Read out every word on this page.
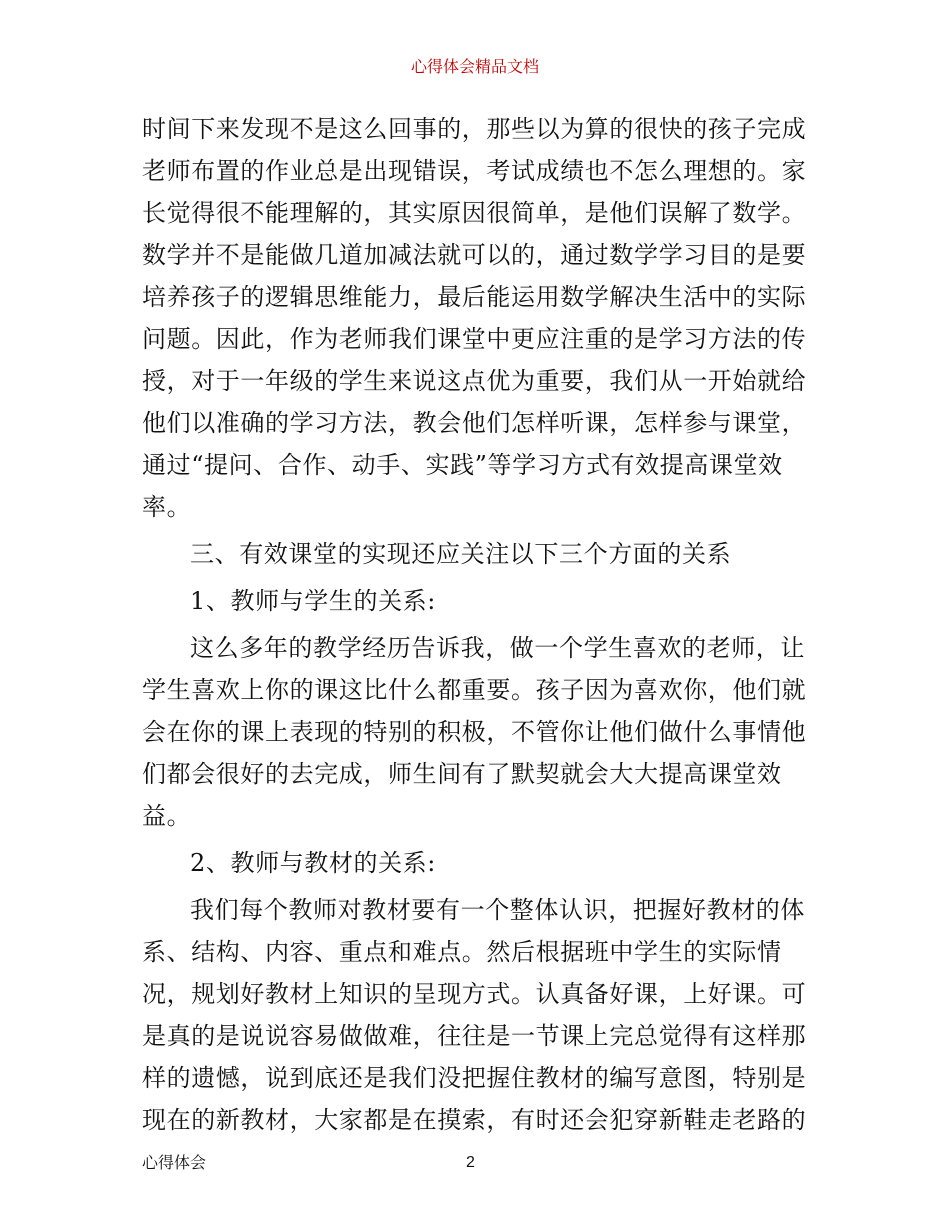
心得体会精品文档
时间下来发现不是这么回事的，那些以为算的很快的孩子完成
老师布置的作业总是出现错误，考试成绩也不怎么理想的。家
长觉得很不能理解的，其实原因很简单，是他们误解了数学。
数学并不是能做几道加减法就可以的，通过数学学习目的是要
培养孩子的逻辑思维能力，最后能运用数学解决生活中的实际
问题。因此，作为老师我们课堂中更应注重的是学习方法的传
授，对于一年级的学生来说这点优为重要，我们从一开始就给
他们以准确的学习方法，教会他们怎样听课，怎样参与课堂，
通过“提问、合作、动手、实践”等学习方式有效提高课堂效
率。
三、有效课堂的实现还应关注以下三个方面的关系
1、教师与学生的关系:
这么多年的教学经历告诉我，做一个学生喜欢的老师，让
学生喜欢上你的课这比什么都重要。孩子因为喜欢你，他们就
会在你的课上表现的特别的积极，不管你让他们做什么事情他
们都会很好的去完成，师生间有了默契就会大大提高课堂效
益。
2、教师与教材的关系:
我们每个教师对教材要有一个整体认识，把握好教材的体
系、结构、内容、重点和难点。然后根据班中学生的实际情
况，规划好教材上知识的呈现方式。认真备好课，上好课。可
是真的是说说容易做做难，往往是一节课上完总觉得有这样那
样的遗憾，说到底还是我们没把握住教材的编写意图，特别是
现在的新教材，大家都是在摸索，有时还会犯穿新鞋走老路的
心得体会	2
